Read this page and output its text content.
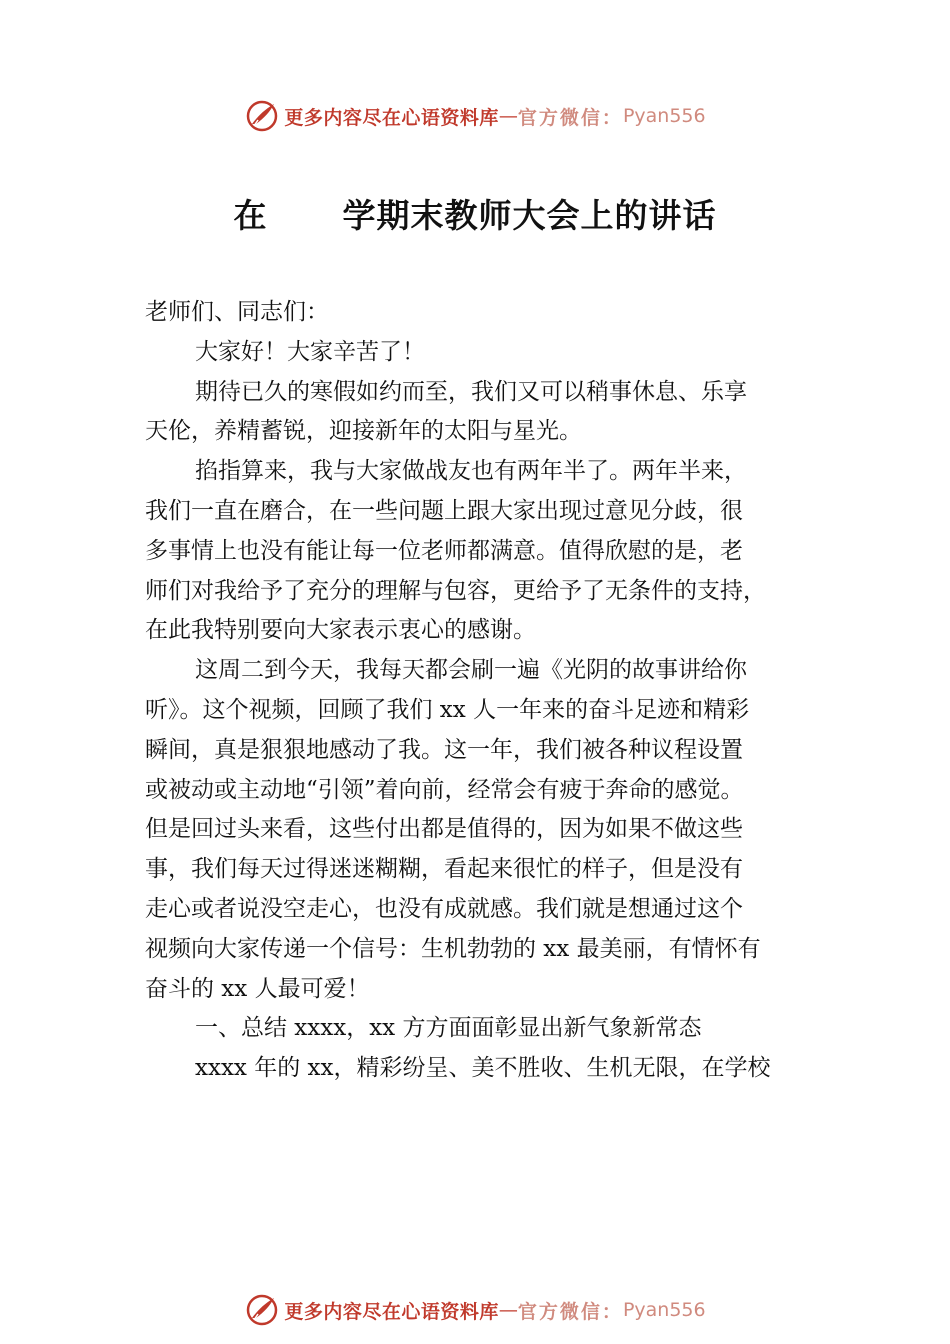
更多内容尽在心语资料库 — 官方微信： Pyan556
在      学期末教师大会上的讲话

老师们、同志们：

大家好！大家辛苦了！

期待已久的寒假如约而至，我们又可以稍事休息、乐享

天伦，养精蓄锐，迎接新年的太阳与星光。

掐指算来，我与大家做战友也有两年半了。两年半来，

我们一直在磨合，在一些问题上跟大家出现过意见分歧，很

多事情上也没有能让每一位老师都满意。值得欣慰的是，老

师们对我给予了充分的理解与包容，更给予了无条件的支持，

在此我特别要向大家表示衷心的感谢。

这周二到今天，我每天都会刷一遍《光阴的故事讲给你

听》。这个视频，回顾了我们 xx 人一年来的奋斗足迹和精彩

瞬间，真是狠狠地感动了我。这一年，我们被各种议程设置

或被动或主动地“引领”着向前，经常会有疲于奔命的感觉。

但是回过头来看，这些付出都是值得的，因为如果不做这些

事，我们每天过得迷迷糊糊，看起来很忙的样子，但是没有

走心或者说没空走心，也没有成就感。我们就是想通过这个

视频向大家传递一个信号：生机勃勃的 xx 最美丽，有情怀有

奋斗的 xx 人最可爱！

一、总结 xxxx，xx 方方面面彰显出新气象新常态

xxxx 年的 xx，精彩纷呈、美不胜收、生机无限，在学校

更多内容尽在心语资料库 — 官方微信： Pyan556
